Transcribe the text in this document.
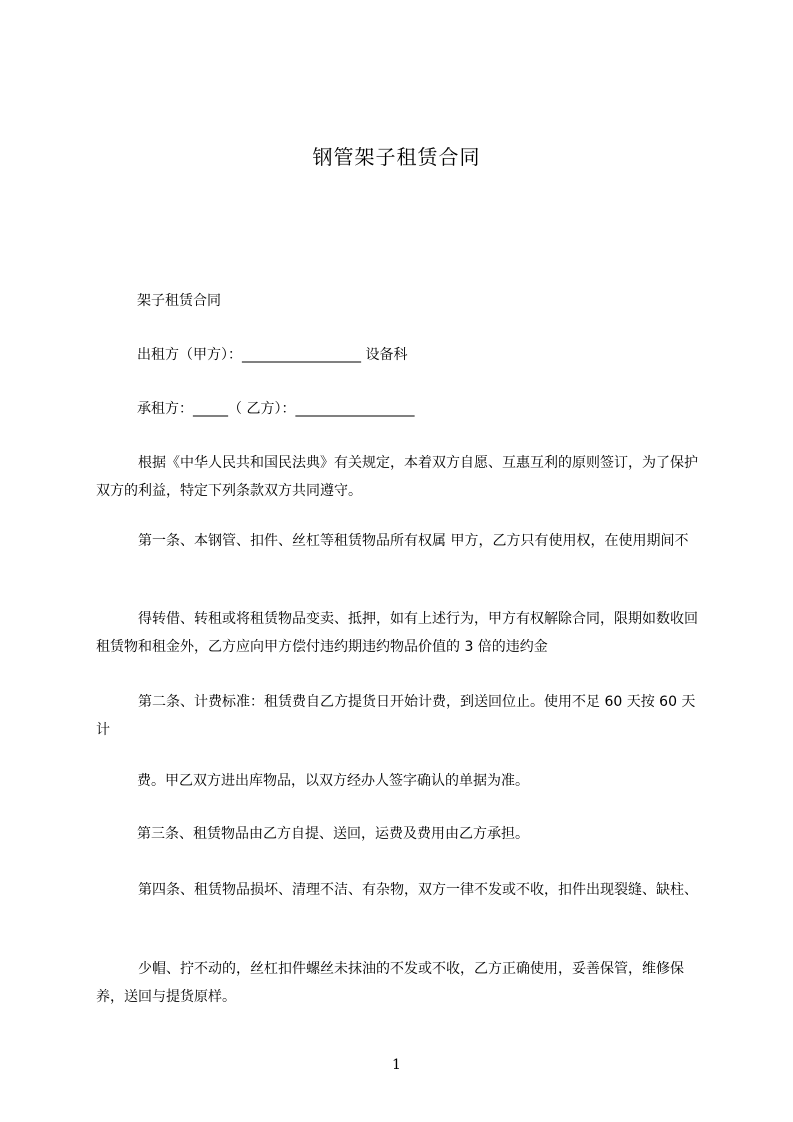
钢管架子租赁合同

架子租赁合同

出租方（甲方）：_________________ 设备科

承租方：_____（ 乙方）：_________________

根据《中华人民共和国民法典》有关规定，本着双方自愿、互惠互利的原则签订，为了保护双方的利益，特定下列条款双方共同遵守。

第一条、本钢管、扣件、丝杠等租赁物品所有权属 甲方，乙方只有使用权，在使用期间不

得转借、转租或将租赁物品变卖、抵押，如有上述行为，甲方有权解除合同，限期如数收回租赁物和租金外，乙方应向甲方偿付违约期违约物品价值的 3 倍的违约金

第二条、计费标准：租赁费自乙方提货日开始计费，到送回位止。使用不足 60 天按 60 天计

费。甲乙双方进出库物品，以双方经办人签字确认的单据为准。

第三条、租赁物品由乙方自提、送回，运费及费用由乙方承担。

第四条、租赁物品损坏、清理不洁、有杂物，双方一律不发或不收，扣件出现裂缝、缺柱、

少帽、拧不动的，丝杠扣件螺丝未抹油的不发或不收，乙方正确使用，妥善保管，维修保养，送回与提货原样。

1
